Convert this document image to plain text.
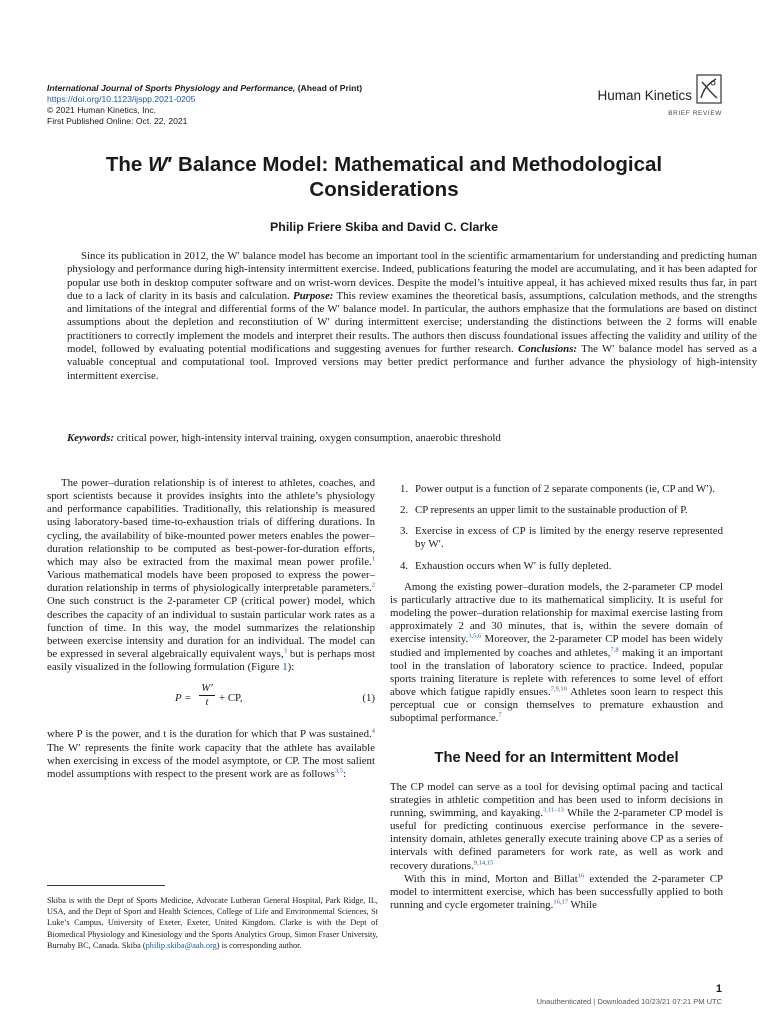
International Journal of Sports Physiology and Performance, (Ahead of Print)
https://doi.org/10.1123/ijspp.2021-0205
© 2021 Human Kinetics, Inc.
First Published Online: Oct. 22, 2021
Human Kinetics
BRIEF REVIEW
The W′ Balance Model: Mathematical and Methodological Considerations
Philip Friere Skiba and David C. Clarke
Since its publication in 2012, the W′ balance model has become an important tool in the scientific armamentarium for understanding and predicting human physiology and performance during high-intensity intermittent exercise. Indeed, publications featuring the model are accumulating, and it has been adapted for popular use both in desktop computer software and on wrist-worn devices. Despite the model’s intuitive appeal, it has achieved mixed results thus far, in part due to a lack of clarity in its basis and calculation. Purpose: This review examines the theoretical basis, assumptions, calculation methods, and the strengths and limitations of the integral and differential forms of the W′ balance model. In particular, the authors emphasize that the formulations are based on distinct assumptions about the depletion and reconstitution of W′ during intermittent exercise; understanding the distinctions between the 2 forms will enable practitioners to correctly implement the models and interpret their results. The authors then discuss foundational issues affecting the validity and utility of the model, followed by evaluating potential modifications and suggesting avenues for further research. Conclusions: The W′ balance model has served as a valuable conceptual and computational tool. Improved versions may better predict performance and further advance the physiology of high-intensity intermittent exercise.
Keywords: critical power, high-intensity interval training, oxygen consumption, anaerobic threshold

The power–duration relationship is of interest to athletes, coaches, and sport scientists because it provides insights into the athlete’s physiology and performance capabilities. Traditionally, this relationship is measured using laboratory-based time-to-exhaustion trials of differing durations. In cycling, the availability of bike-mounted power meters enables the power–duration relationship to be computed as best-power-for-duration efforts, which may also be extracted from the maximal mean power profile.$^1$ Various mathematical models have been proposed to express the power–duration relationship in terms of physiologically interpretable parameters.$^2$ One such construct is the 2-parameter CP (critical power) model, which describes the capacity of an individual to sustain particular work rates as a function of time. In this way, the model summarizes the relationship between exercise intensity and duration for an individual. The model can be expressed in several algebraically equivalent ways,$^3$ but is perhaps most easily visualized in the following formulation (Figure 1):

$P = \frac{W'}{t}$ + CP,	(1)

where P is the power, and t is the duration for which that P was sustained.$^4$ The W′ represents the finite work capacity that the athlete has available when exercising in excess of the model asymptote, or CP. The most salient model assumptions with respect to the present work are as follows$^{3,5}$:

1. Power output is a function of 2 separate components (ie, CP and W′).
2. CP represents an upper limit to the sustainable production of P.
3. Exercise in excess of CP is limited by the energy reserve represented by W′.
4. Exhaustion occurs when W′ is fully depleted.

Among the existing power–duration models, the 2-parameter CP model is particularly attractive due to its mathematical simplicity. It is useful for modeling the power–duration relationship for maximal exercise lasting from approximately 2 and 30 minutes, that is, within the severe domain of exercise intensity.$^{3,5,6}$ Moreover, the 2-parameter CP model has been widely studied and implemented by coaches and athletes,$^{7,8}$ making it an important tool in the translation of laboratory science to practice. Indeed, popular sports training literature is replete with references to some level of effort above which fatigue rapidly ensues.$^{7,9,10}$ Athletes soon learn to respect this perceptual cue or consign themselves to premature exhaustion and suboptimal performance.$^7$

The Need for an Intermittent Model

The CP model can serve as a tool for devising optimal pacing and tactical strategies in athletic competition and has been used to inform decisions in running, swimming, and kayaking.$^{3,11-13}$ While the 2-parameter CP model is useful for predicting continuous exercise performance in the severe-intensity domain, athletes generally execute training above CP as a series of intervals with defined parameters for work rate, as well as work and recovery durations.$^{9,14,15}$

With this in mind, Morton and Billat$^{16}$ extended the 2-parameter CP model to intermittent exercise, which has been successfully applied to both running and cycle ergometer training.$^{16,17}$ While

Skiba is with the Dept of Sports Medicine, Advocate Lutheran General Hospital, Park Ridge, IL, USA, and the Dept of Sport and Health Sciences, College of Life and Environmental Sciences, St Luke’s Campus, University of Exeter, Exeter, United Kingdom. Clarke is with the Dept of Biomedical Physiology and Kinesiology and the Sports Analytics Group, Simon Fraser University, Burnaby BC, Canada. Skiba (philip.skiba@aah.org) is corresponding author.
1
Unauthenticated | Downloaded 10/23/21 07:21 PM UTC
